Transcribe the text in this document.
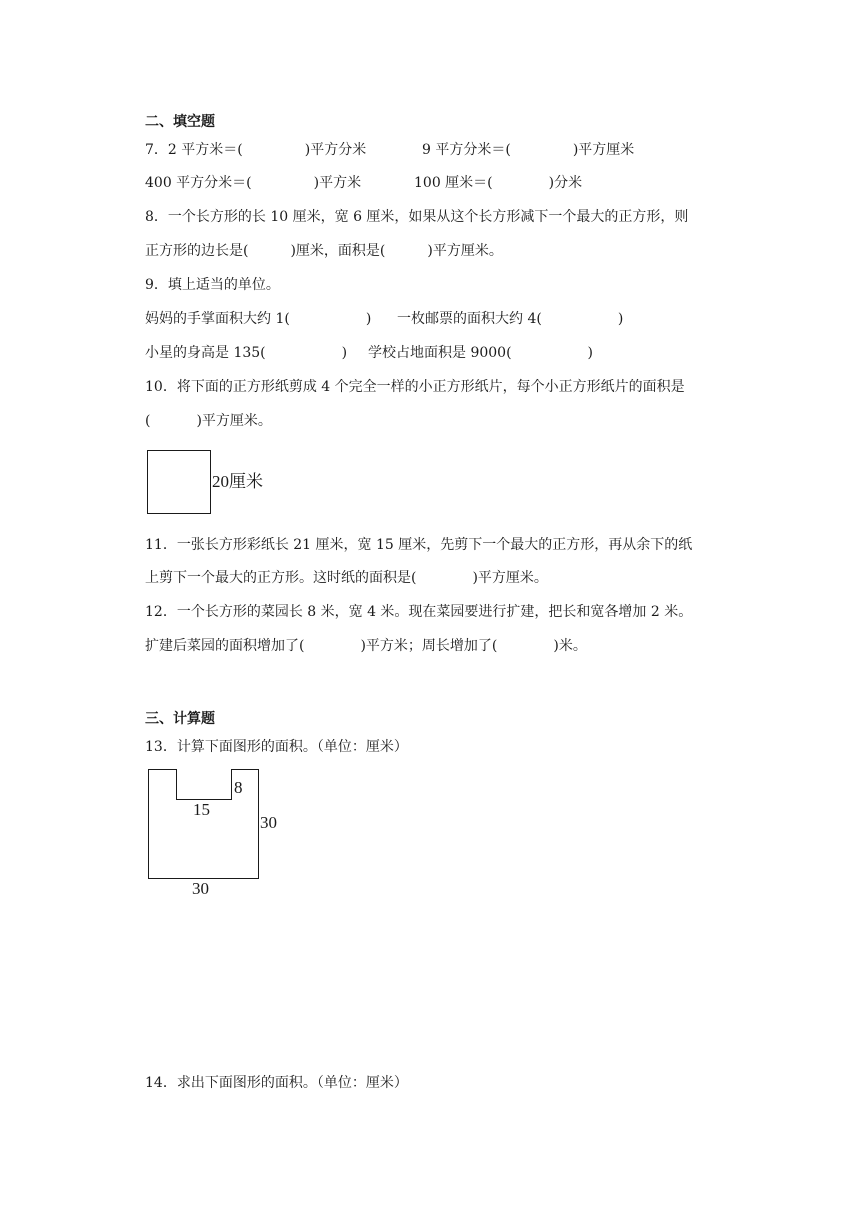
二、填空题
7．2 平方米＝(	)平方分米	9 平方分米＝(	)平方厘米
400 平方分米＝(	)平方米	100 厘米＝(	)分米
8．一个长方形的长 10 厘米，宽 6 厘米，如果从这个长方形减下一个最大的正方形，则
正方形的边长是(	)厘米，面积是(	)平方厘米。
9．填上适当的单位。
妈妈的手掌面积大约 1(	) 一枚邮票的面积大约 4(	)
小星的身高是 135(	) 学校占地面积是 9000(	)
10．将下面的正方形纸剪成 4 个完全一样的小正方形纸片，每个小正方形纸片的面积是
(	)平方厘米。
20厘米
11．一张长方形彩纸长 21 厘米，宽 15 厘米，先剪下一个最大的正方形，再从余下的纸
上剪下一个最大的正方形。这时纸的面积是(	)平方厘米。
12．一个长方形的菜园长 8 米，宽 4 米。现在菜园要进行扩建，把长和宽各增加 2 米。
扩建后菜园的面积增加了(	)平方米；周长增加了(	)米。
三、计算题
13．计算下面图形的面积。（单位：厘米）
8
15
30
30
14．求出下面图形的面积。（单位：厘米）
